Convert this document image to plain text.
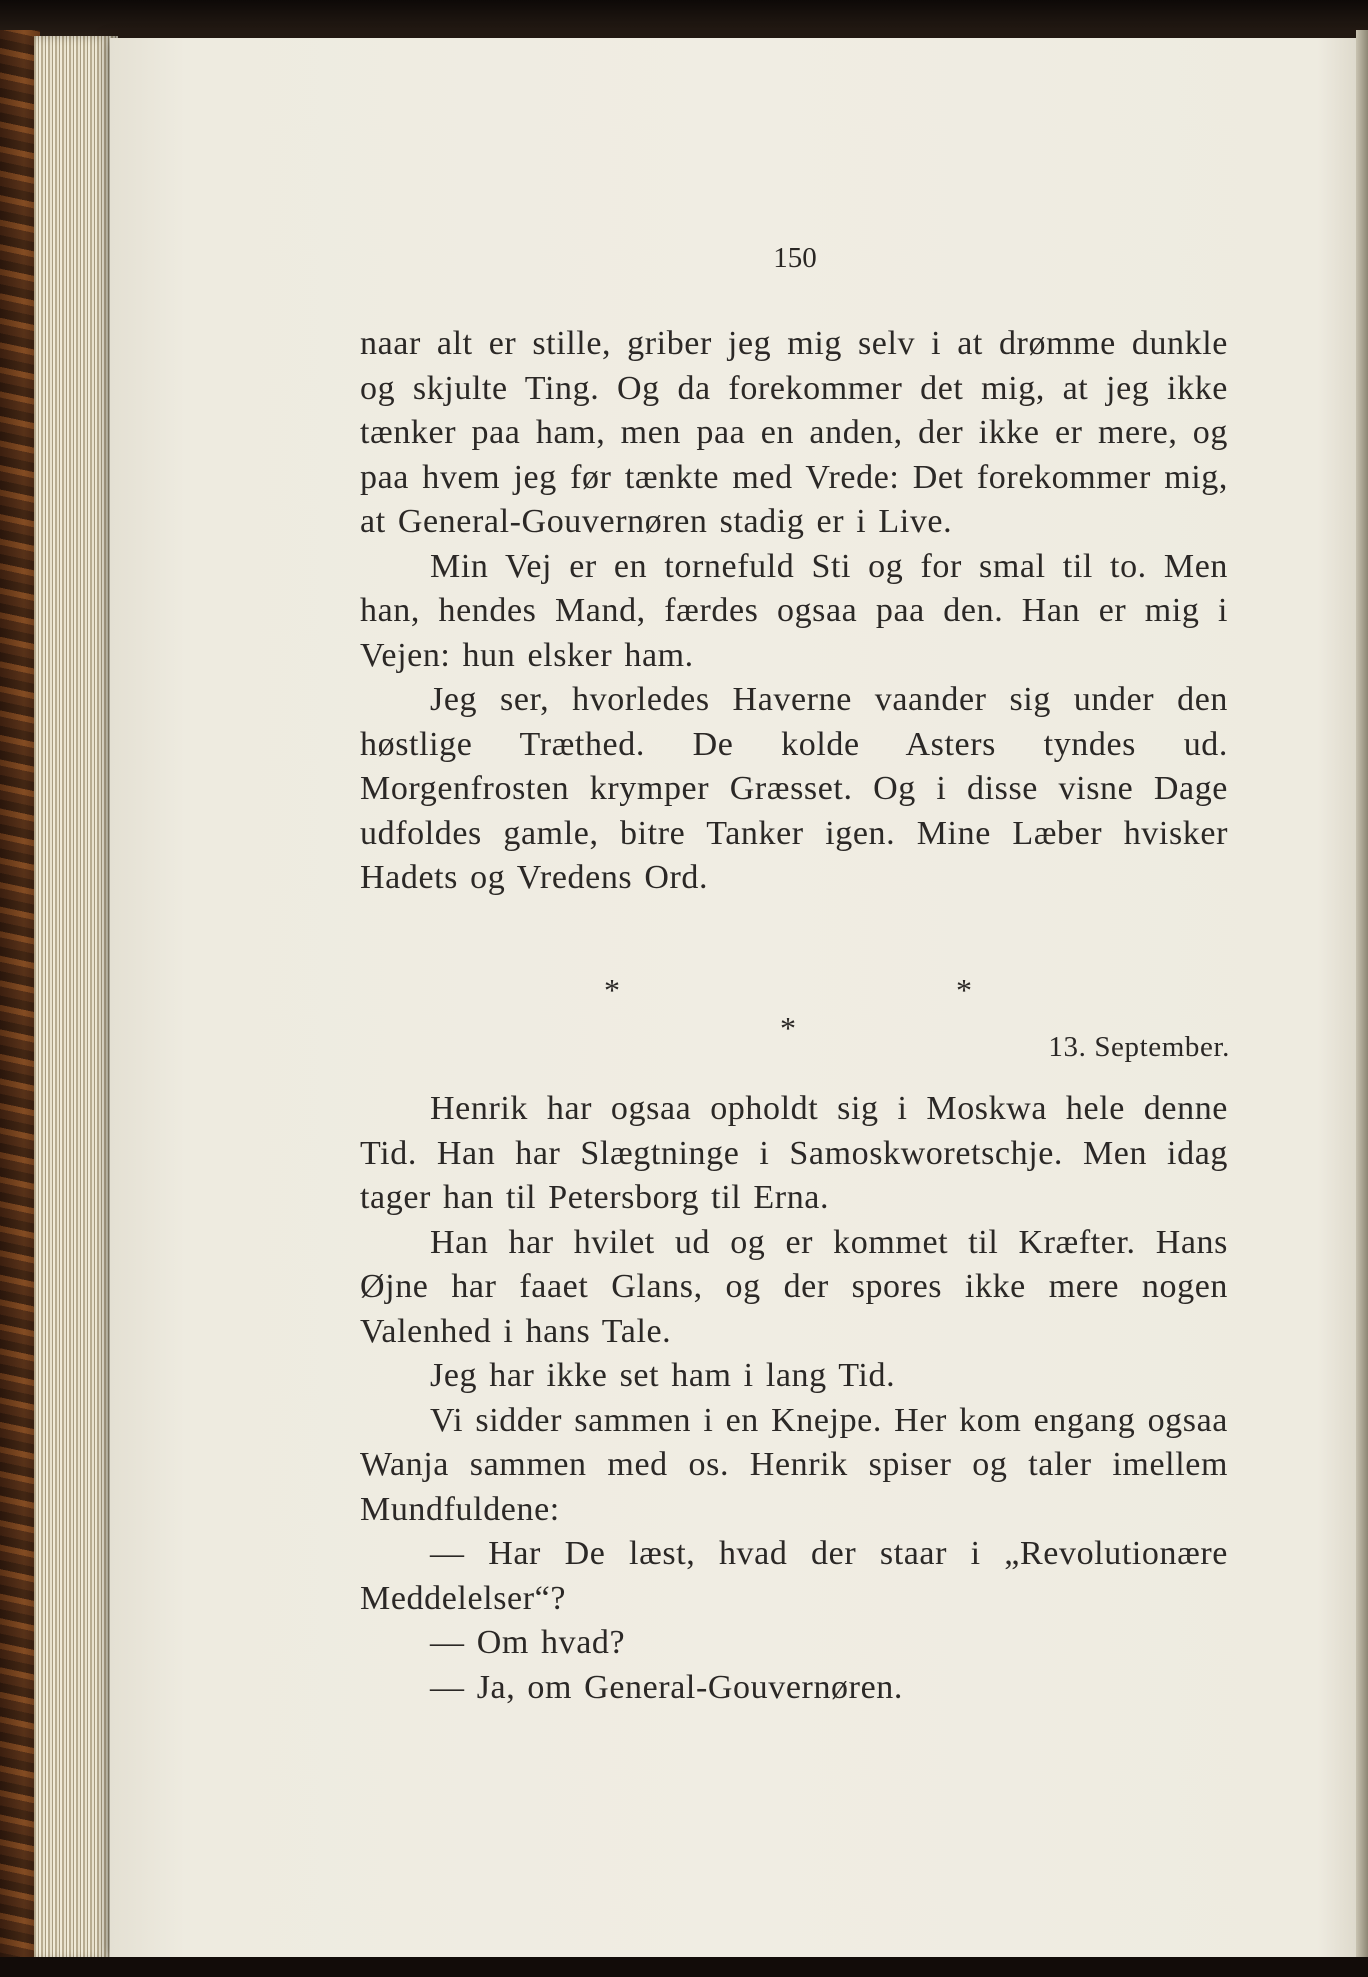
150

naar alt er stille, griber jeg mig selv i at drømme dunkle og skjulte Ting. Og da forekommer det mig, at jeg ikke tænker paa ham, men paa en anden, der ikke er mere, og paa hvem jeg før tænkte med Vrede: Det forekommer mig, at General-Gouvernøren stadig er i Live.

Min Vej er en tornefuld Sti og for smal til to. Men han, hendes Mand, færdes ogsaa paa den. Han er mig i Vejen: hun elsker ham.

Jeg ser, hvorledes Haverne vaander sig under den høstlige Træthed. De kolde Asters tyndes ud. Morgenfrosten krymper Græsset. Og i disse visne Dage udfoldes gamle, bitre Tanker igen. Mine Læber hvisker Hadets og Vredens Ord.

*	*
*
13. September.

Henrik har ogsaa opholdt sig i Moskwa hele denne Tid. Han har Slægtninge i Samoskworetschje. Men idag tager han til Petersborg til Erna.

Han har hvilet ud og er kommet til Kræfter. Hans Øjne har faaet Glans, og der spores ikke mere nogen Valenhed i hans Tale.

Jeg har ikke set ham i lang Tid.

Vi sidder sammen i en Knejpe. Her kom engang ogsaa Wanja sammen med os. Henrik spiser og taler imellem Mundfuldene:

— Har De læst, hvad der staar i „Revolutionære Meddelelser“?

— Om hvad?

— Ja, om General-Gouvernøren.
